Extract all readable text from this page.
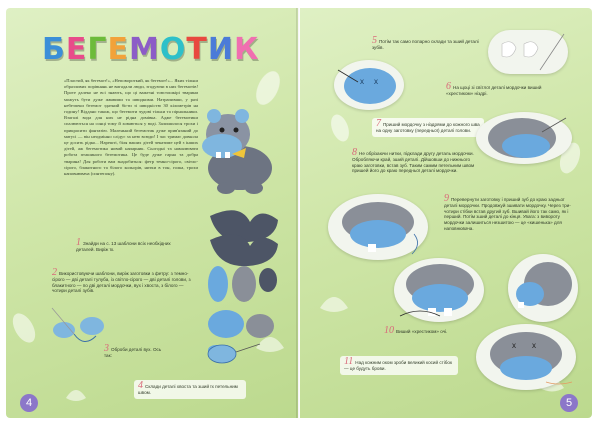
БЕГЕМОТИК

«Пластий, як бегемот!», «Неповороткий, як бегемот!»... Яких тільки образливих порівнянь не вигадали люди, згадуючи в них бегемотів! Проте далеко не всі знають, що ці важезні товстошкірі тварини можуть бути дуже жвавими та швидкими. Натрапивши, у разі небезпеки бегемот здатний бігти зі швидкістю 30 кілометрів на годину! Віддано також, що бегемоти чудові тільки та пірнальники. Взагалі вода для них не рідна домівка. Адже бегемотики спалюються на сонці тому й ховаються у воді. Залишилося трохи і прикрасити фантазію. Маленький бегемотик дуже прив'язаний до матусі — він неодмінно слідує за нею всюди! І час тримає довкола це досить рідко... Нарешті, біля ваших дітей чекатиме цей з інших дітей, аж бегемотика новий напарник. Сьогодні та намалювати робота пташиного бегемотика. Це буде дуже гарна та добра тварина! Для роботи вам знадобиться: фетр темно-сірого, світло-сірого, блакитного та білого кольорів, нитки в тон, голка, трохи наповнювача (синтепону).

1 Знайди на с. 13 шаблони всіх необхідних деталей. Виріж їх.
2 Використовуючи шаблони, виріж заготовки з фетру: з темно-сірого — дві деталі тулуба, із світло-сірого — дві деталі голови, з блакитного — по дві деталі мордочки, вух і хвоста, з білого — чотири деталі зубів.
3 Оброби деталі вух. Ось так:
4 Склади деталі хвоста та зший їх петельним швом.
4
5 Потім так само попарно склади та зший деталі зубів.
x x	6 На щоці зі світлої деталі мордочки виший «хрестиком» ніздрі.
7 Приший мордочку з ніздрями до кожного шва на одну заготовку (передньої) деталі голови.
8 Не обрізаючи нитки, підклади другу деталь мордочки. Обробляючи край, зший деталі. Дійшовши до нижнього краю заготовки, встав зуб. Таким самим петельним швом пришей його до краю передньої деталі мордочки.
9 Перевернути заготовку і приший зуб до краю задньої деталі мордочки. Продовжуй зшивати мордочку. Через три-чотири стібки встав другий зуб. Вшивай його так само, як і перший. Потім зший деталі до кінця. Увага: з вивороту мордочки залишиться незшитою — це «кишенька» для наповнювача.
10 Виший «хрестиком» очі.
x x
11 Над кожним оком зроби великий косий стібок — це будуть брови.
5
